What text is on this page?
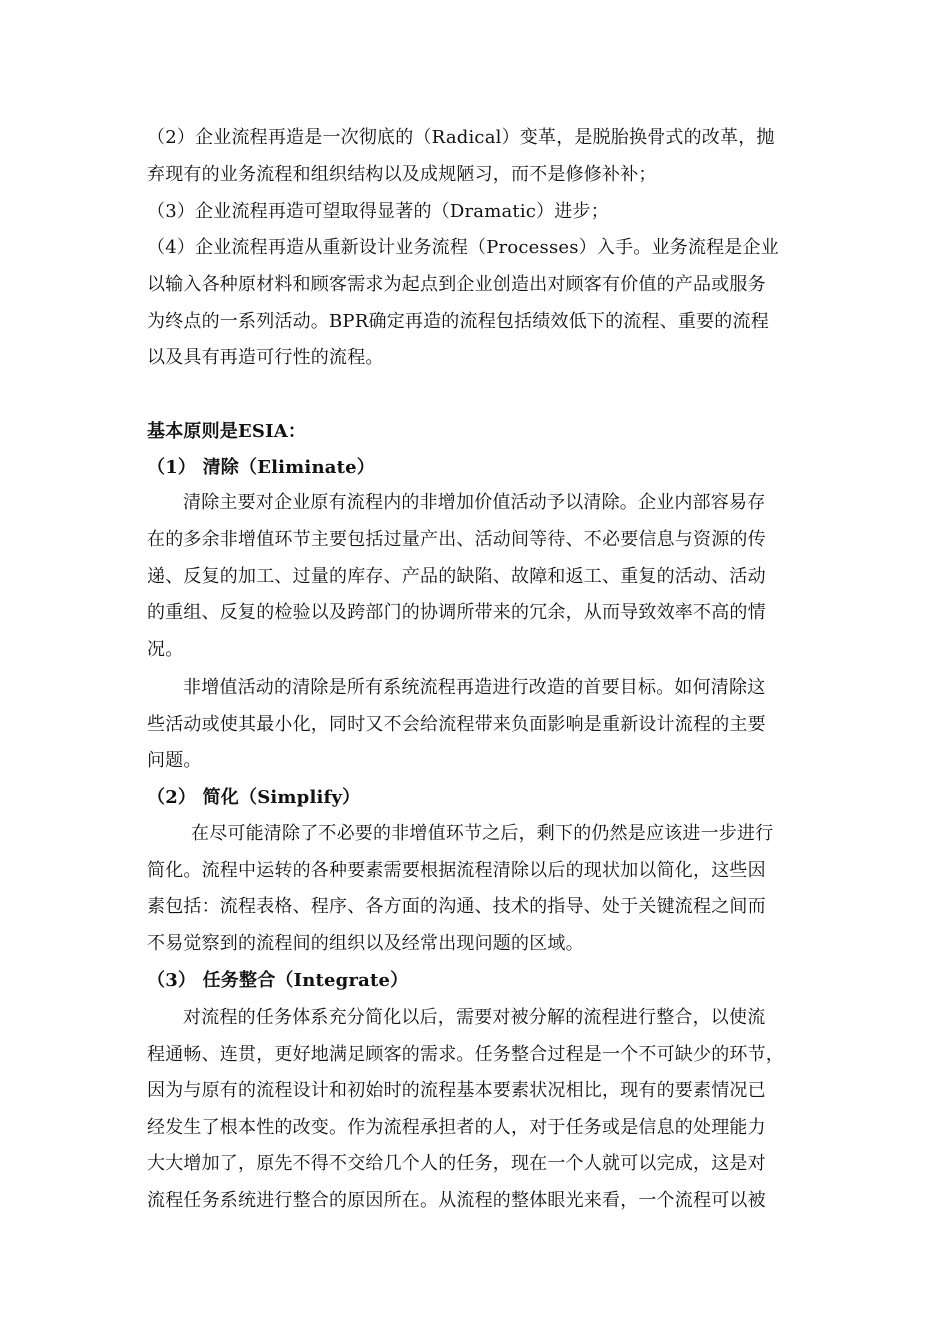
（2）企业流程再造是一次彻底的（Radical）变革，是脱胎换骨式的改革，抛
弃现有的业务流程和组织结构以及成规陋习，而不是修修补补；
（3）企业流程再造可望取得显著的（Dramatic）进步；
（4）企业流程再造从重新设计业务流程（Processes）入手。业务流程是企业
以输入各种原材料和顾客需求为起点到企业创造出对顾客有价值的产品或服务
为终点的一系列活动。BPR确定再造的流程包括绩效低下的流程、重要的流程
以及具有再造可行性的流程。
基本原则是ESIA：
（1） 清除（Eliminate）
清除主要对企业原有流程内的非增加价值活动予以清除。企业内部容易存
在的多余非增值环节主要包括过量产出、活动间等待、不必要信息与资源的传
递、反复的加工、过量的库存、产品的缺陷、故障和返工、重复的活动、活动
的重组、反复的检验以及跨部门的协调所带来的冗余，从而导致效率不高的情
况。
非增值活动的清除是所有系统流程再造进行改造的首要目标。如何清除这
些活动或使其最小化，同时又不会给流程带来负面影响是重新设计流程的主要
问题。
（2） 简化（Simplify）
在尽可能清除了不必要的非增值环节之后，剩下的仍然是应该进一步进行
简化。流程中运转的各种要素需要根据流程清除以后的现状加以简化，这些因
素包括：流程表格、程序、各方面的沟通、技术的指导、处于关键流程之间而
不易觉察到的流程间的组织以及经常出现问题的区域。
（3） 任务整合（Integrate）
对流程的任务体系充分简化以后，需要对被分解的流程进行整合，以使流
程通畅、连贯，更好地满足顾客的需求。任务整合过程是一个不可缺少的环节，
因为与原有的流程设计和初始时的流程基本要素状况相比，现有的要素情况已
经发生了根本性的改变。作为流程承担者的人，对于任务或是信息的处理能力
大大增加了，原先不得不交给几个人的任务，现在一个人就可以完成，这是对
流程任务系统进行整合的原因所在。从流程的整体眼光来看，一个流程可以被
